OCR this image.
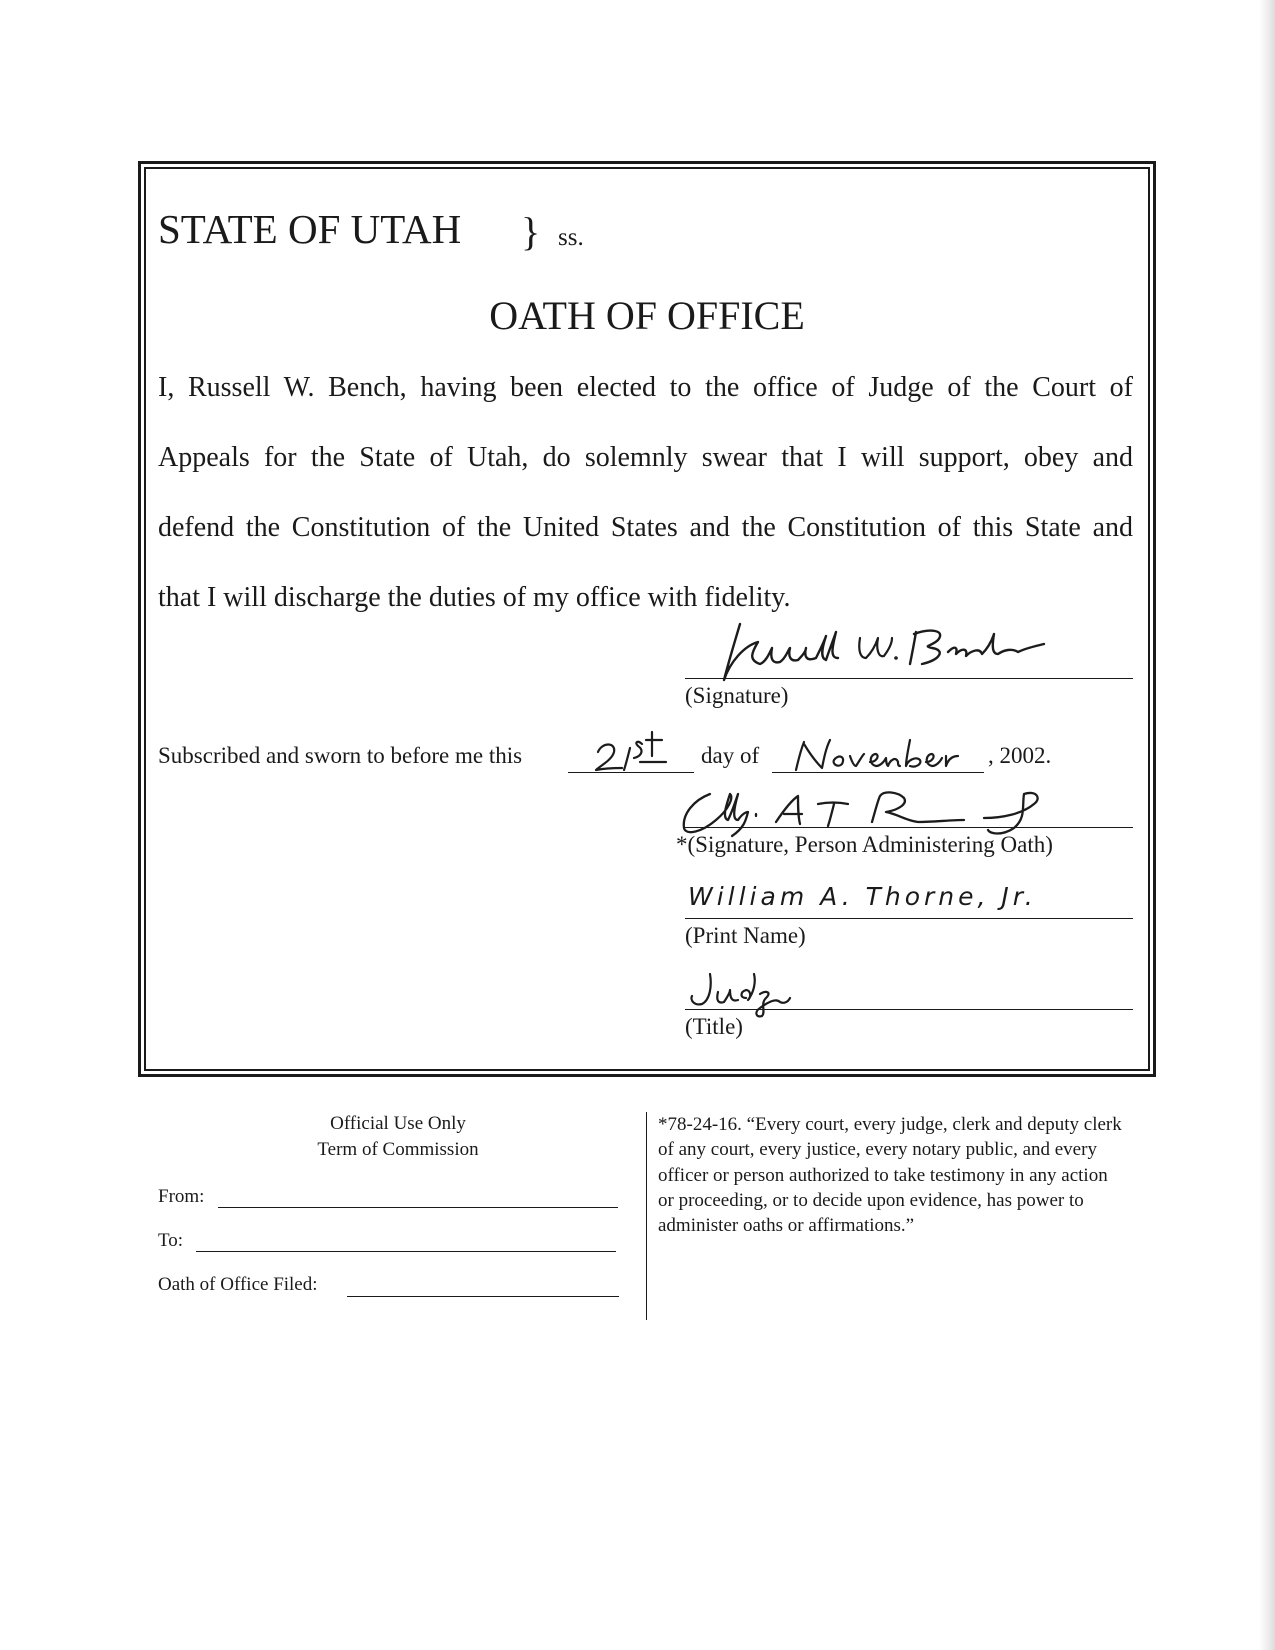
STATE OF UTAH } ss.
OATH OF OFFICE
I, Russell W. Bench, having been elected to the office of Judge of the Court of
Appeals for the State of Utah, do solemnly swear that I will support, obey and
defend the Constitution of the United States and the Constitution of this State and
that I will discharge the duties of my office with fidelity.
(Signature)
Subscribed and sworn to before me this	day of	, 2002.
*(Signature, Person Administering Oath)
William A. Thorne, Jr.
(Print Name)
(Title)
Official Use Only
Term of Commission
From:
To:
Oath of Office Filed:
*78-24-16. “Every court, every judge, clerk and deputy clerk of any court, every justice, every notary public, and every officer or person authorized to take testimony in any action or proceeding, or to decide upon evidence, has power to administer oaths or affirmations.”
